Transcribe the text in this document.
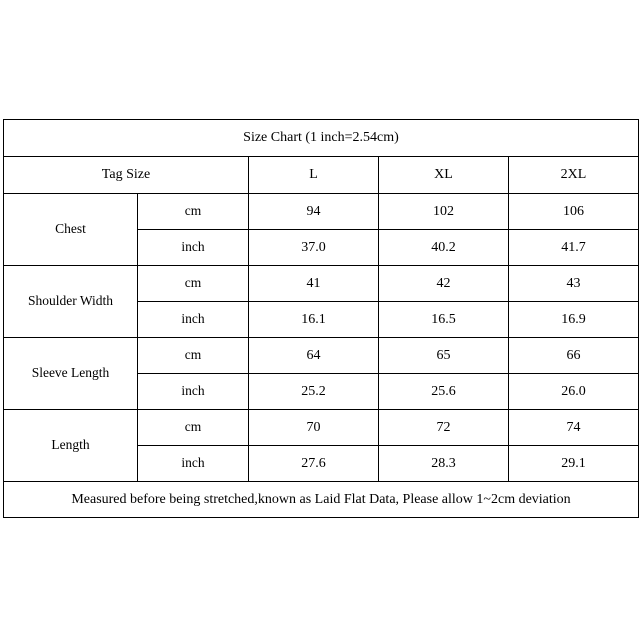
Size Chart (1 inch=2.54cm)				
Tag Size		L	XL	2XL
Chest	cm	94	102	106
	inch	37.0	40.2	41.7
Shoulder Width	cm	41	42	43
	inch	16.1	16.5	16.9
Sleeve Length	cm	64	65	66
	inch	25.2	25.6	26.0
Length	cm	70	72	74
	inch	27.6	28.3	29.1
Measured before being stretched,known as Laid Flat Data, Please allow 1~2cm deviation				
